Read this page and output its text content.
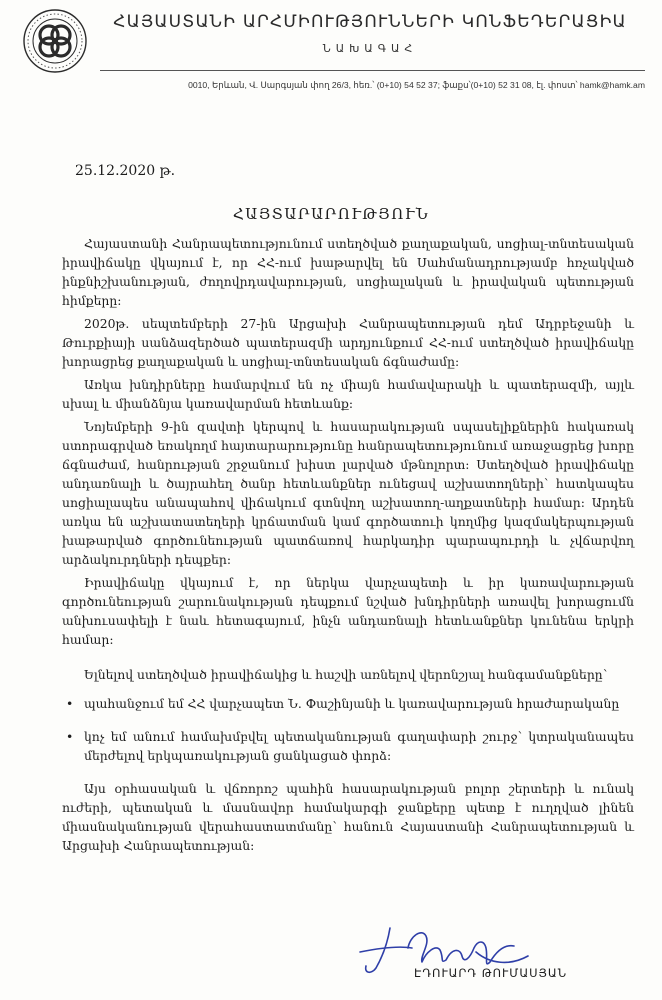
ՀԱՅԱՍՏԱՆԻ ԱՐՀՄԻՈՒԹՅՈՒՆՆԵՐԻ ԿՈՆՖԵԴԵՐԱՑԻԱ
ՆԱԽԱԳԱՀ
0010, Երևան, Վ. Սարգսյան փող 26/3, հեռ.՝ (0+10) 54 52 37; ֆաքս՝(0+10) 52 31 08, էլ. փոստ՝ hamk@hamk.am
25.12.2020 թ.
ՀԱՅՏԱՐԱՐՈՒԹՅՈՒՆ

Հայաստանի Հանրապետությունում ստեղծված քաղաքական, սոցիալ-տնտեսական իրավիճակը վկայում է, որ ՀՀ-ում խաթարվել են Սահմանադրությամբ հռչակված ինքնիշխանության, ժողովրդավարության, սոցիալական և իրավական պետության հիմքերը:

2020թ. սեպտեմբերի 27-ին Արցախի Հանրապետության դեմ Ադրբեջանի և Թուրքիայի սանձազերծած պատերազմի արդյունքում ՀՀ-ում ստեղծված իրավիճակը խորացրեց քաղաքական և սոցիալ-տնտեսական ճգնաժամը:

Առկա խնդիրները համարվում են ոչ միայն համավարակի և պատերազմի, այլև սխալ և միանձնյա կառավարման հետևանք:

Նոյեմբերի 9-ին զավտի կերպով և հասարակության սպասելիքներին հակառակ ստորագրված եռակողմ հայտարարությունը հանրապետությունում առաջացրեց խորը ճգնաժամ, հանրության շրջանում խիստ լարված մթնոլորտ: Ստեղծված իրավիճակը անդառնալի և ծայրահեղ ծանր հետևանքներ ունեցավ աշխատողների՝ հատկապես սոցիալապես անապահով վիճակում գտնվող աշխատող-աղքատների համար: Արդեն առկա են աշխատատեղերի կրճատման կամ գործատուի կողմից կազմակերպության խաթարված գործունեության պատճառով հարկադիր պարապուրդի և չվճարվող արձակուրդների դեպքեր:

Իրավիճակը վկայում է, որ ներկա վարչապետի և իր կառավարության գործունեության շարունակության դեպքում նշված խնդիրների առավել խորացումն անխուսափելի է նաև հետագայում, ինչն անդառնալի հետևանքներ կունենա երկրի համար:

Ելնելով ստեղծված իրավիճակից և հաշվի առնելով վերոնշյալ հանգամանքները՝

• պահանջում եմ ՀՀ վարչապետ Ն. Փաշինյանի և կառավարության հրաժարականը
• կոչ եմ անում համախմբվել պետականության գաղափարի շուրջ՝ կտրականապես մերժելով երկպառակության ցանկացած փորձ:

Այս օրհասական և վճռորոշ պահին հասարակության բոլոր շերտերի և ունակ ուժերի, պետական և մասնավոր համակարգի ջանքերը պետք է ուղղված լինեն միասնականության վերահաստատմանը՝ հանուն Հայաստանի Հանրապետության և Արցախի Հանրապետության:

ԷԴՈՒԱՐԴ ԹՈՒՄԱՍՅԱՆ
